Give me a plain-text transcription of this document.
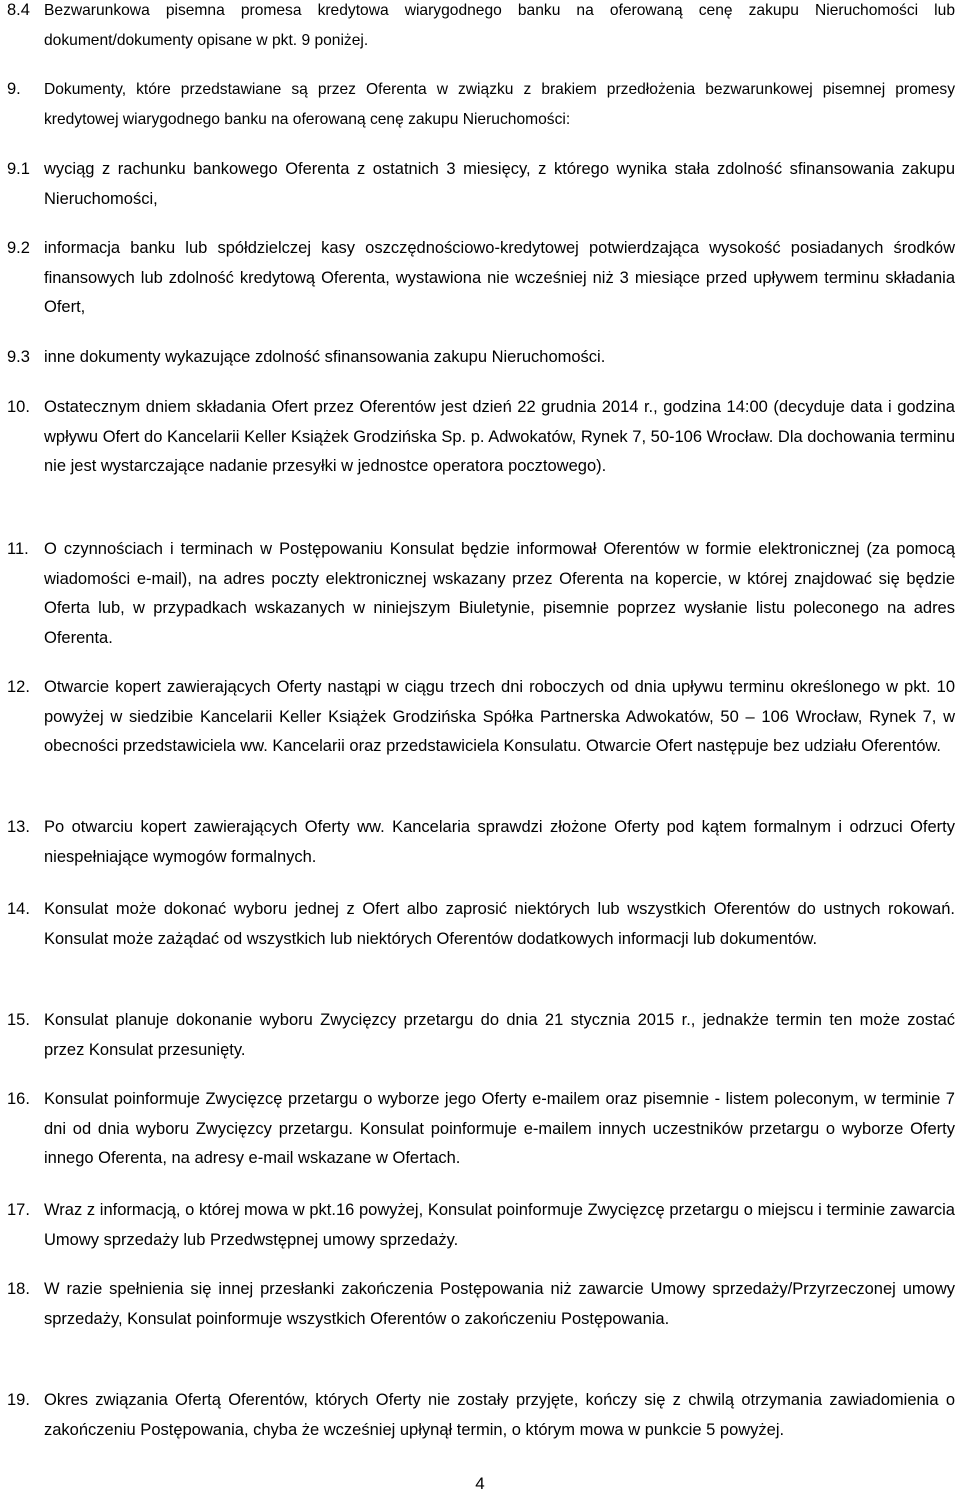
8.4 Bezwarunkowa pisemna promesa kredytowa wiarygodnego banku na oferowaną cenę zakupu Nieruchomości lub dokument/dokumenty opisane w pkt. 9 poniżej.
9. Dokumenty, które przedstawiane są przez Oferenta w związku z brakiem przedłożenia bezwarunkowej pisemnej promesy kredytowej wiarygodnego banku na oferowaną cenę zakupu Nieruchomości:
9.1 wyciąg z rachunku bankowego Oferenta z ostatnich 3 miesięcy, z którego wynika stała zdolność sfinansowania zakupu Nieruchomości,
9.2 informacja banku lub spółdzielczej kasy oszczędnościowo-kredytowej potwierdzająca wysokość posiadanych środków finansowych lub zdolność kredytową Oferenta, wystawiona nie wcześniej niż 3 miesiące przed upływem terminu składania Ofert,
9.3 inne dokumenty wykazujące zdolność sfinansowania zakupu Nieruchomości.
10. Ostatecznym dniem składania Ofert przez Oferentów jest dzień 22 grudnia 2014 r., godzina 14:00 (decyduje data i godzina wpływu Ofert do Kancelarii Keller Książek Grodzińska Sp. p. Adwokatów, Rynek 7, 50-106 Wrocław. Dla dochowania terminu nie jest wystarczające nadanie przesyłki w jednostce operatora pocztowego).
11. O czynnościach i terminach w Postępowaniu Konsulat będzie informował Oferentów w formie elektronicznej (za pomocą wiadomości e-mail), na adres poczty elektronicznej wskazany przez Oferenta na kopercie, w której znajdować się będzie Oferta lub, w przypadkach wskazanych w niniejszym Biuletynie, pisemnie poprzez wysłanie listu poleconego na adres Oferenta.
12. Otwarcie kopert zawierających Oferty nastąpi w ciągu trzech dni roboczych od dnia upływu terminu określonego w pkt. 10 powyżej w siedzibie Kancelarii Keller Książek Grodzińska Spółka Partnerska Adwokatów, 50 – 106 Wrocław, Rynek 7, w obecności przedstawiciela ww. Kancelarii oraz przedstawiciela Konsulatu. Otwarcie Ofert następuje bez udziału Oferentów.
13. Po otwarciu kopert zawierających Oferty ww. Kancelaria sprawdzi złożone Oferty pod kątem formalnym i odrzuci Oferty niespełniające wymogów formalnych.
14. Konsulat może dokonać wyboru jednej z Ofert albo zaprosić niektórych lub wszystkich Oferentów do ustnych rokowań. Konsulat może zażądać od wszystkich lub niektórych Oferentów dodatkowych informacji lub dokumentów.
15. Konsulat planuje dokonanie wyboru Zwycięzcy przetargu do dnia 21 stycznia 2015 r., jednakże termin ten może zostać przez Konsulat przesunięty.
16. Konsulat poinformuje Zwycięzcę przetargu o wyborze jego Oferty e-mailem oraz pisemnie - listem poleconym, w terminie 7 dni od dnia wyboru Zwycięzcy przetargu. Konsulat poinformuje e-mailem innych uczestników przetargu o wyborze Oferty innego Oferenta, na adresy e-mail wskazane w Ofertach.
17. Wraz z informacją, o której mowa w pkt.16 powyżej, Konsulat poinformuje Zwycięzcę przetargu o miejscu i terminie zawarcia Umowy sprzedaży lub Przedwstępnej umowy sprzedaży.
18. W razie spełnienia się innej przesłanki zakończenia Postępowania niż zawarcie Umowy sprzedaży/Przyrzeczonej umowy sprzedaży, Konsulat poinformuje wszystkich Oferentów o zakończeniu Postępowania.
19. Okres związania Ofertą Oferentów, których Oferty nie zostały przyjęte, kończy się z chwilą otrzymania zawiadomienia o zakończeniu Postępowania, chyba że wcześniej upłynął termin, o którym mowa w punkcie 5 powyżej.
4
